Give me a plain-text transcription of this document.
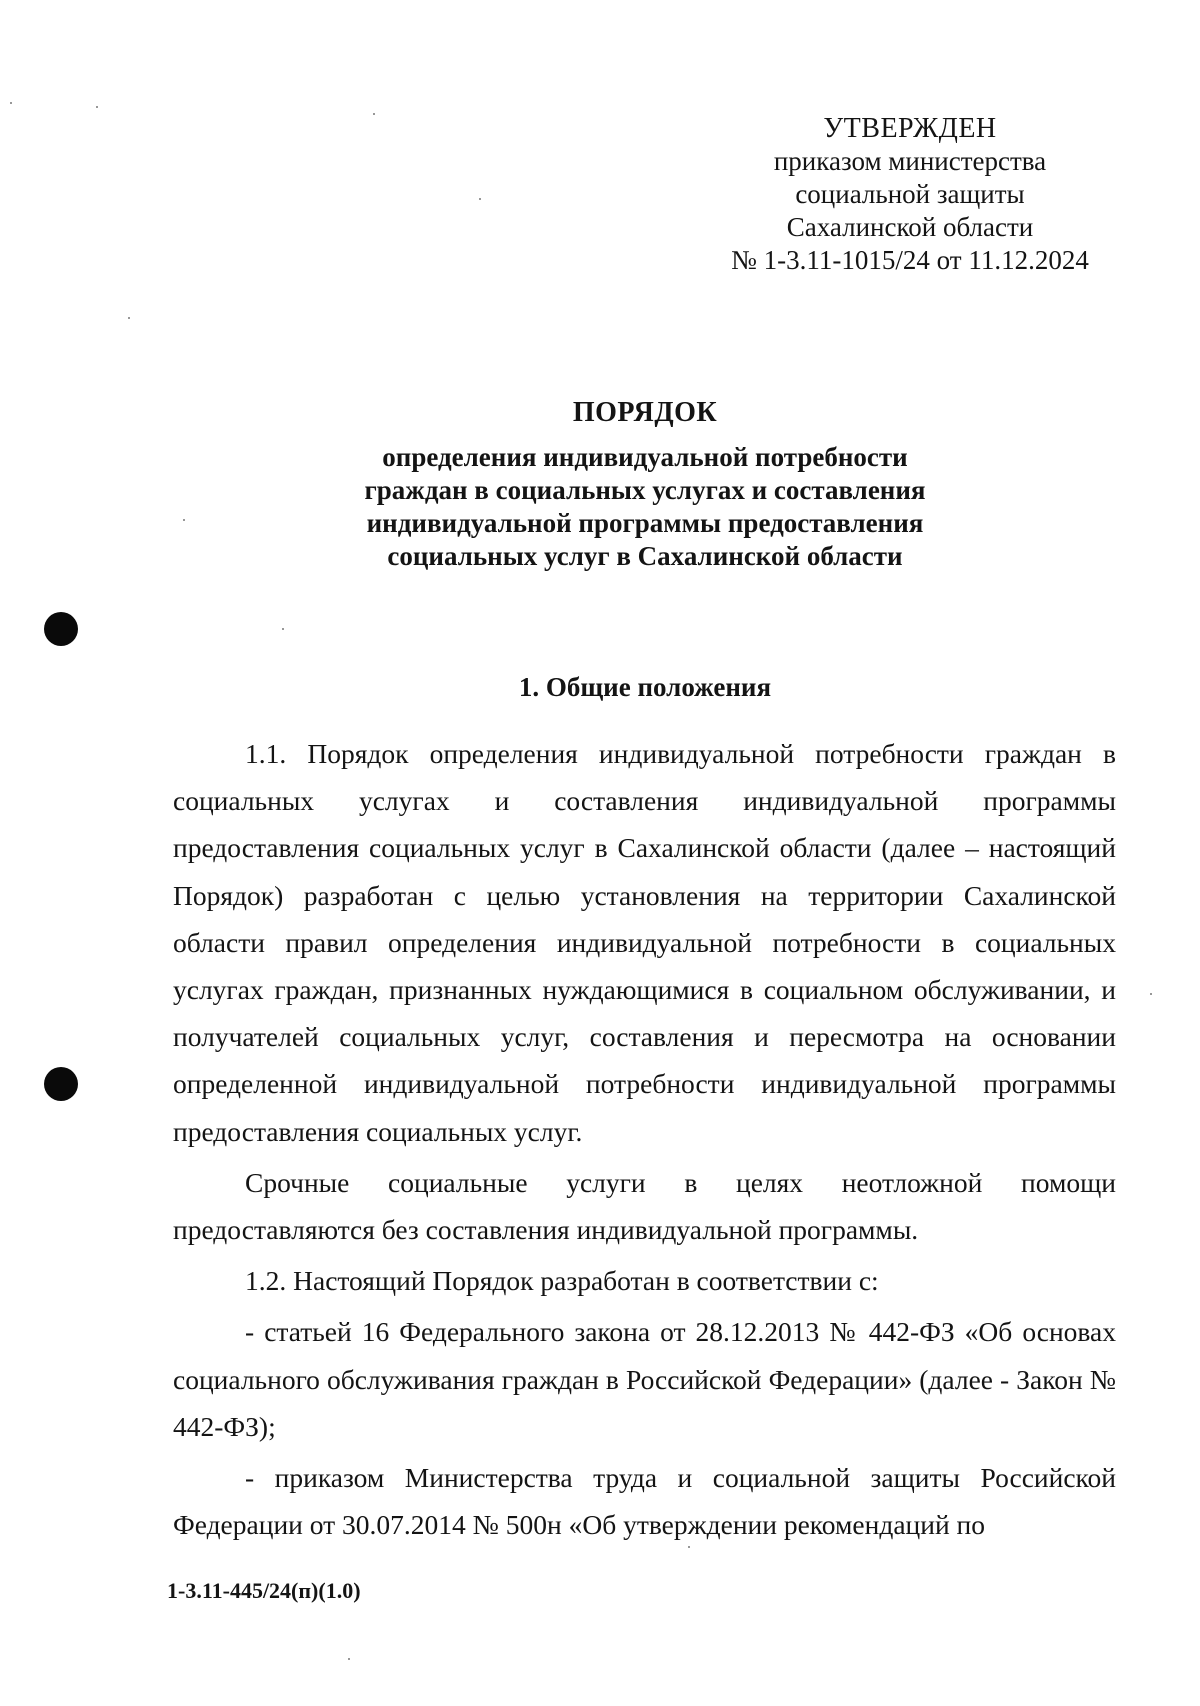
УТВЕРЖДЕН
приказом министерства
социальной защиты
Сахалинской области
№ 1-3.11-1015/24 от 11.12.2024
ПОРЯДОК
определения индивидуальной потребности
граждан в социальных услугах и составления
индивидуальной программы предоставления
социальных услуг в Сахалинской области
1. Общие положения

1.1. Порядок определения индивидуальной потребности граждан в социальных услугах и составления индивидуальной программы предоставления социальных услуг в Сахалинской области (далее – настоящий Порядок) разработан с целью установления на территории Сахалинской области правил определения индивидуальной потребности в социальных услугах граждан, признанных нуждающимися в социальном обслуживании, и получателей социальных услуг, составления и пересмотра на основании определенной индивидуальной потребности индивидуальной программы предоставления социальных услуг.

Срочные социальные услуги в целях неотложной помощи предоставляются без составления индивидуальной программы.

1.2. Настоящий Порядок разработан в соответствии с:

- статьей 16 Федерального закона от 28.12.2013 № 442-ФЗ «Об основах социального обслуживания граждан в Российской Федерации» (далее - Закон № 442-ФЗ);

- приказом Министерства труда и социальной защиты Российской Федерации от 30.07.2014 № 500н «Об утверждении рекомендаций по

1-3.11-445/24(п)(1.0)
